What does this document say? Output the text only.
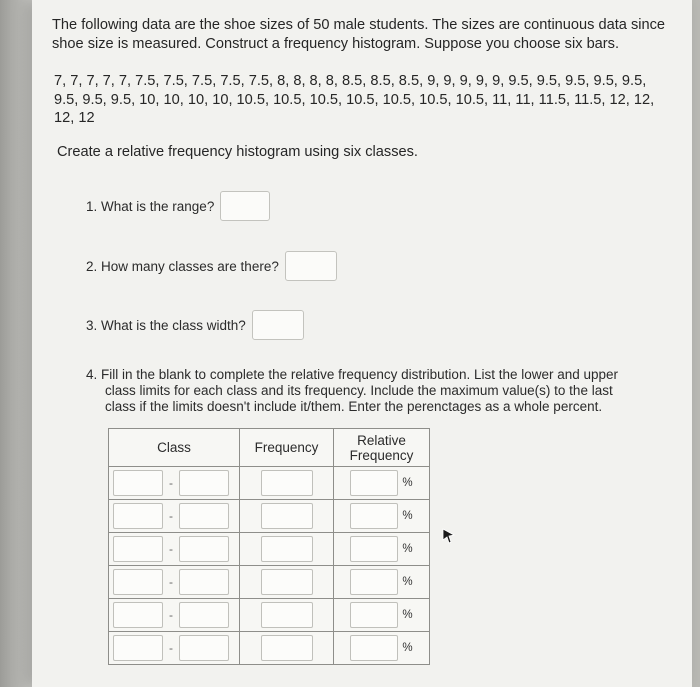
The following data are the shoe sizes of 50 male students. The sizes are continuous data since shoe size is measured. Construct a frequency histogram. Suppose you choose six bars.
7, 7, 7, 7, 7, 7.5, 7.5, 7.5, 7.5, 7.5, 8, 8, 8, 8, 8.5, 8.5, 8.5, 9, 9, 9, 9, 9, 9.5, 9.5, 9.5, 9.5, 9.5, 9.5, 9.5, 9.5, 10, 10, 10, 10, 10.5, 10.5, 10.5, 10.5, 10.5, 10.5, 10.5, 11, 11, 11.5, 11.5, 12, 12, 12, 12
Create a relative frequency histogram using six classes.
1. What is the range?
2. How many classes are there?
3. What is the class width?
4. Fill in the blank to complete the relative frequency distribution. List the lower and upper
class limits for each class and its frequency. Include the maximum value(s) to the last
class if the limits doesn't include it/them. Enter the perenctages as a whole percent.
Class	Frequency	Relative Frequency

-		%

-		%

-		%

-		%

-		%

-		%
